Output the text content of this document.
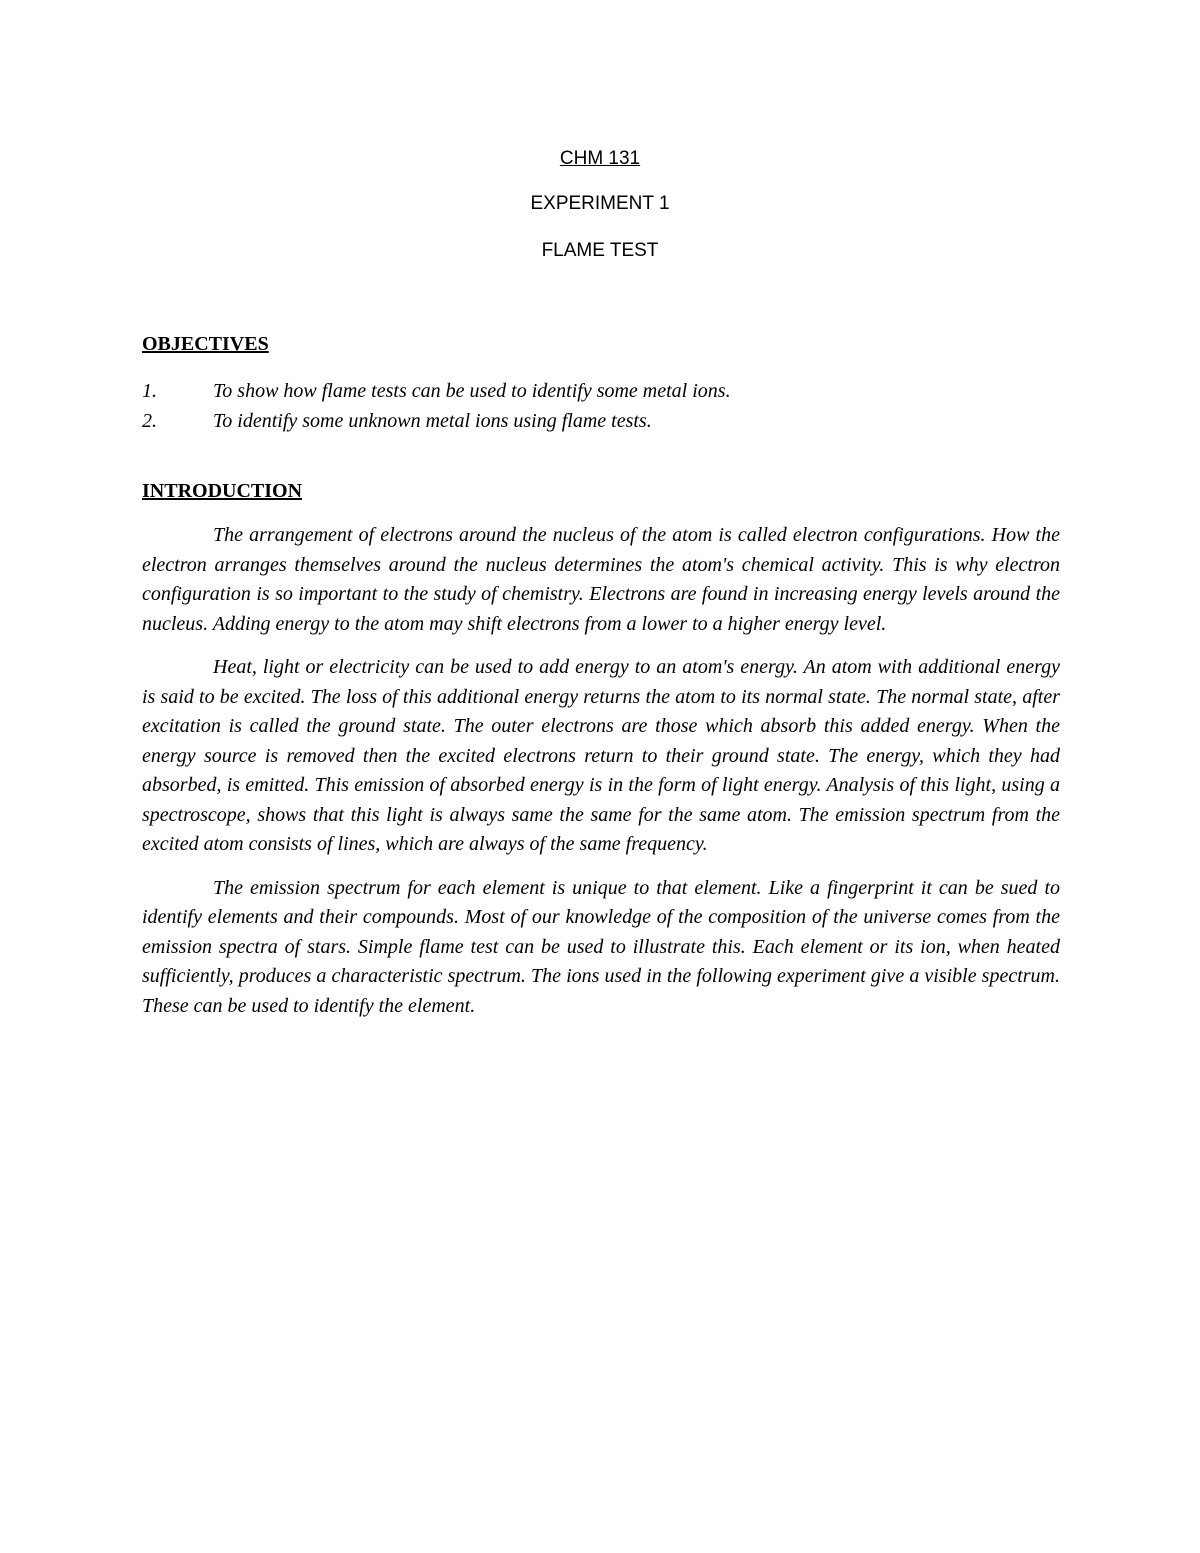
CHM 131
EXPERIMENT 1
FLAME TEST
OBJECTIVES
1.	To show how flame tests can be used to identify some metal ions.
2.	To identify some unknown metal ions using flame tests.
INTRODUCTION

The arrangement of electrons around the nucleus of the atom is called electron configurations. How the electron arranges themselves around the nucleus determines the atom's chemical activity. This is why electron configuration is so important to the study of chemistry. Electrons are found in increasing energy levels around the nucleus. Adding energy to the atom may shift electrons from a lower to a higher energy level.

Heat, light or electricity can be used to add energy to an atom's energy. An atom with additional energy is said to be excited. The loss of this additional energy returns the atom to its normal state. The normal state, after excitation is called the ground state. The outer electrons are those which absorb this added energy. When the energy source is removed then the excited electrons return to their ground state. The energy, which they had absorbed, is emitted. This emission of absorbed energy is in the form of light energy. Analysis of this light, using a spectroscope, shows that this light is always same the same for the same atom. The emission spectrum from the excited atom consists of lines, which are always of the same frequency.

The emission spectrum for each element is unique to that element. Like a fingerprint it can be sued to identify elements and their compounds. Most of our knowledge of the composition of the universe comes from the emission spectra of stars. Simple flame test can be used to illustrate this. Each element or its ion, when heated sufficiently, produces a characteristic spectrum. The ions used in the following experiment give a visible spectrum. These can be used to identify the element.
